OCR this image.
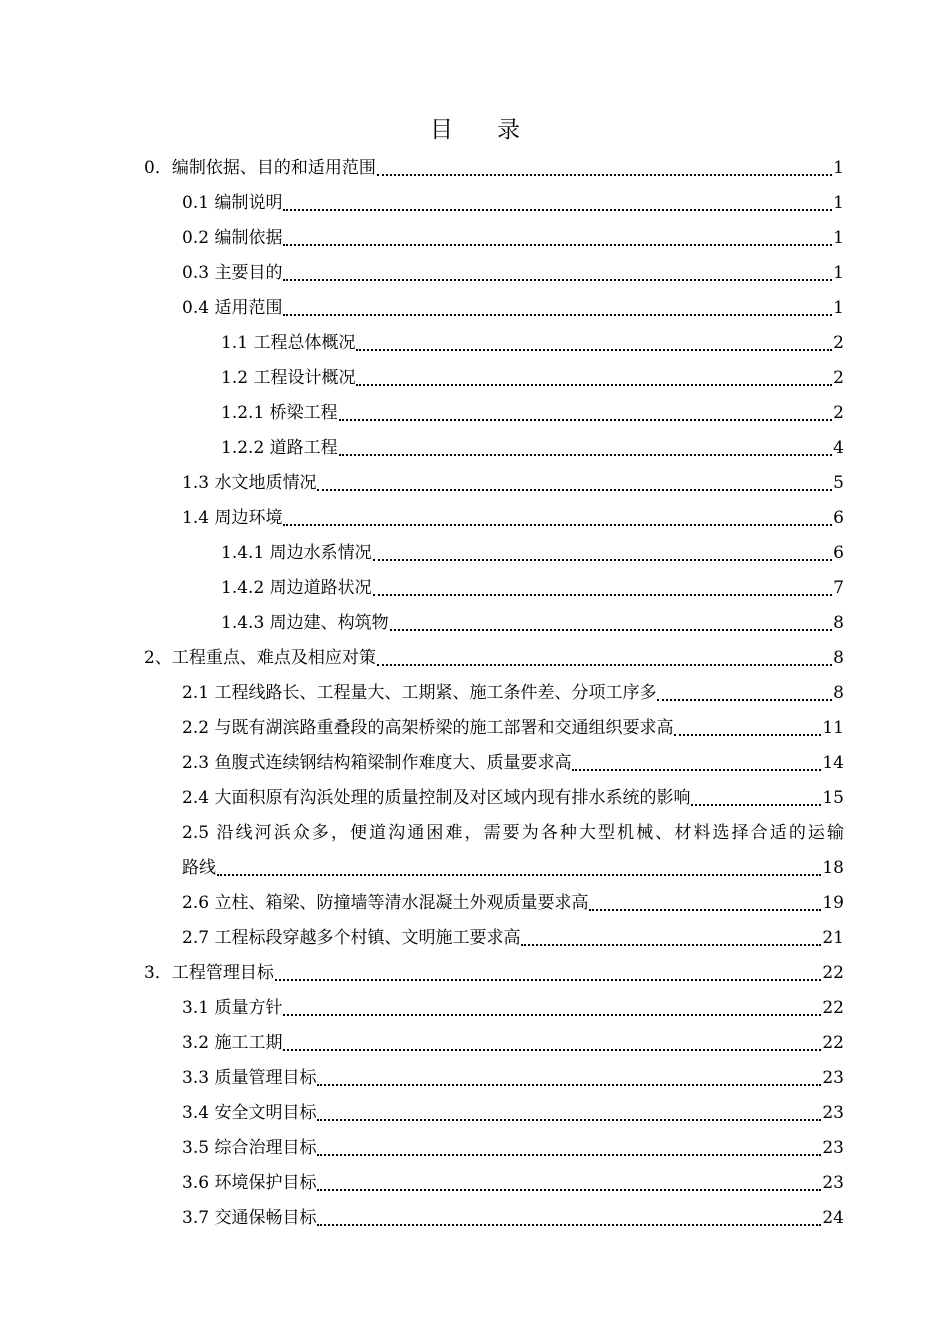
目录
0．编制依据、目的和适用范围	1
0.1 编制说明	1
0.2 编制依据	1
0.3 主要目的	1
0.4 适用范围	1
1.1 工程总体概况	2
1.2 工程设计概况	2
1.2.1 桥梁工程	2
1.2.2 道路工程	4
1.3 水文地质情况	5
1.4 周边环境	6
1.4.1 周边水系情况	6
1.4.2 周边道路状况	7
1.4.3 周边建、构筑物	8
2、工程重点、难点及相应对策	8
2.1 工程线路长、工程量大、工期紧、施工条件差、分项工序多	8
2.2 与既有湖滨路重叠段的高架桥梁的施工部署和交通组织要求高	11
2.3 鱼腹式连续钢结构箱梁制作难度大、质量要求高	14
2.4 大面积原有沟浜处理的质量控制及对区域内现有排水系统的影响	15
2.5 沿线河浜众多，便道沟通困难，需要为各种大型机械、材料选择合适的运输
路线	18
2.6 立柱、箱梁、防撞墙等清水混凝土外观质量要求高	19
2.7 工程标段穿越多个村镇、文明施工要求高	21
3．工程管理目标	22
3.1 质量方针	22
3.2 施工工期	22
3.3 质量管理目标	23
3.4 安全文明目标	23
3.5 综合治理目标	23
3.6 环境保护目标	23
3.7 交通保畅目标	24
